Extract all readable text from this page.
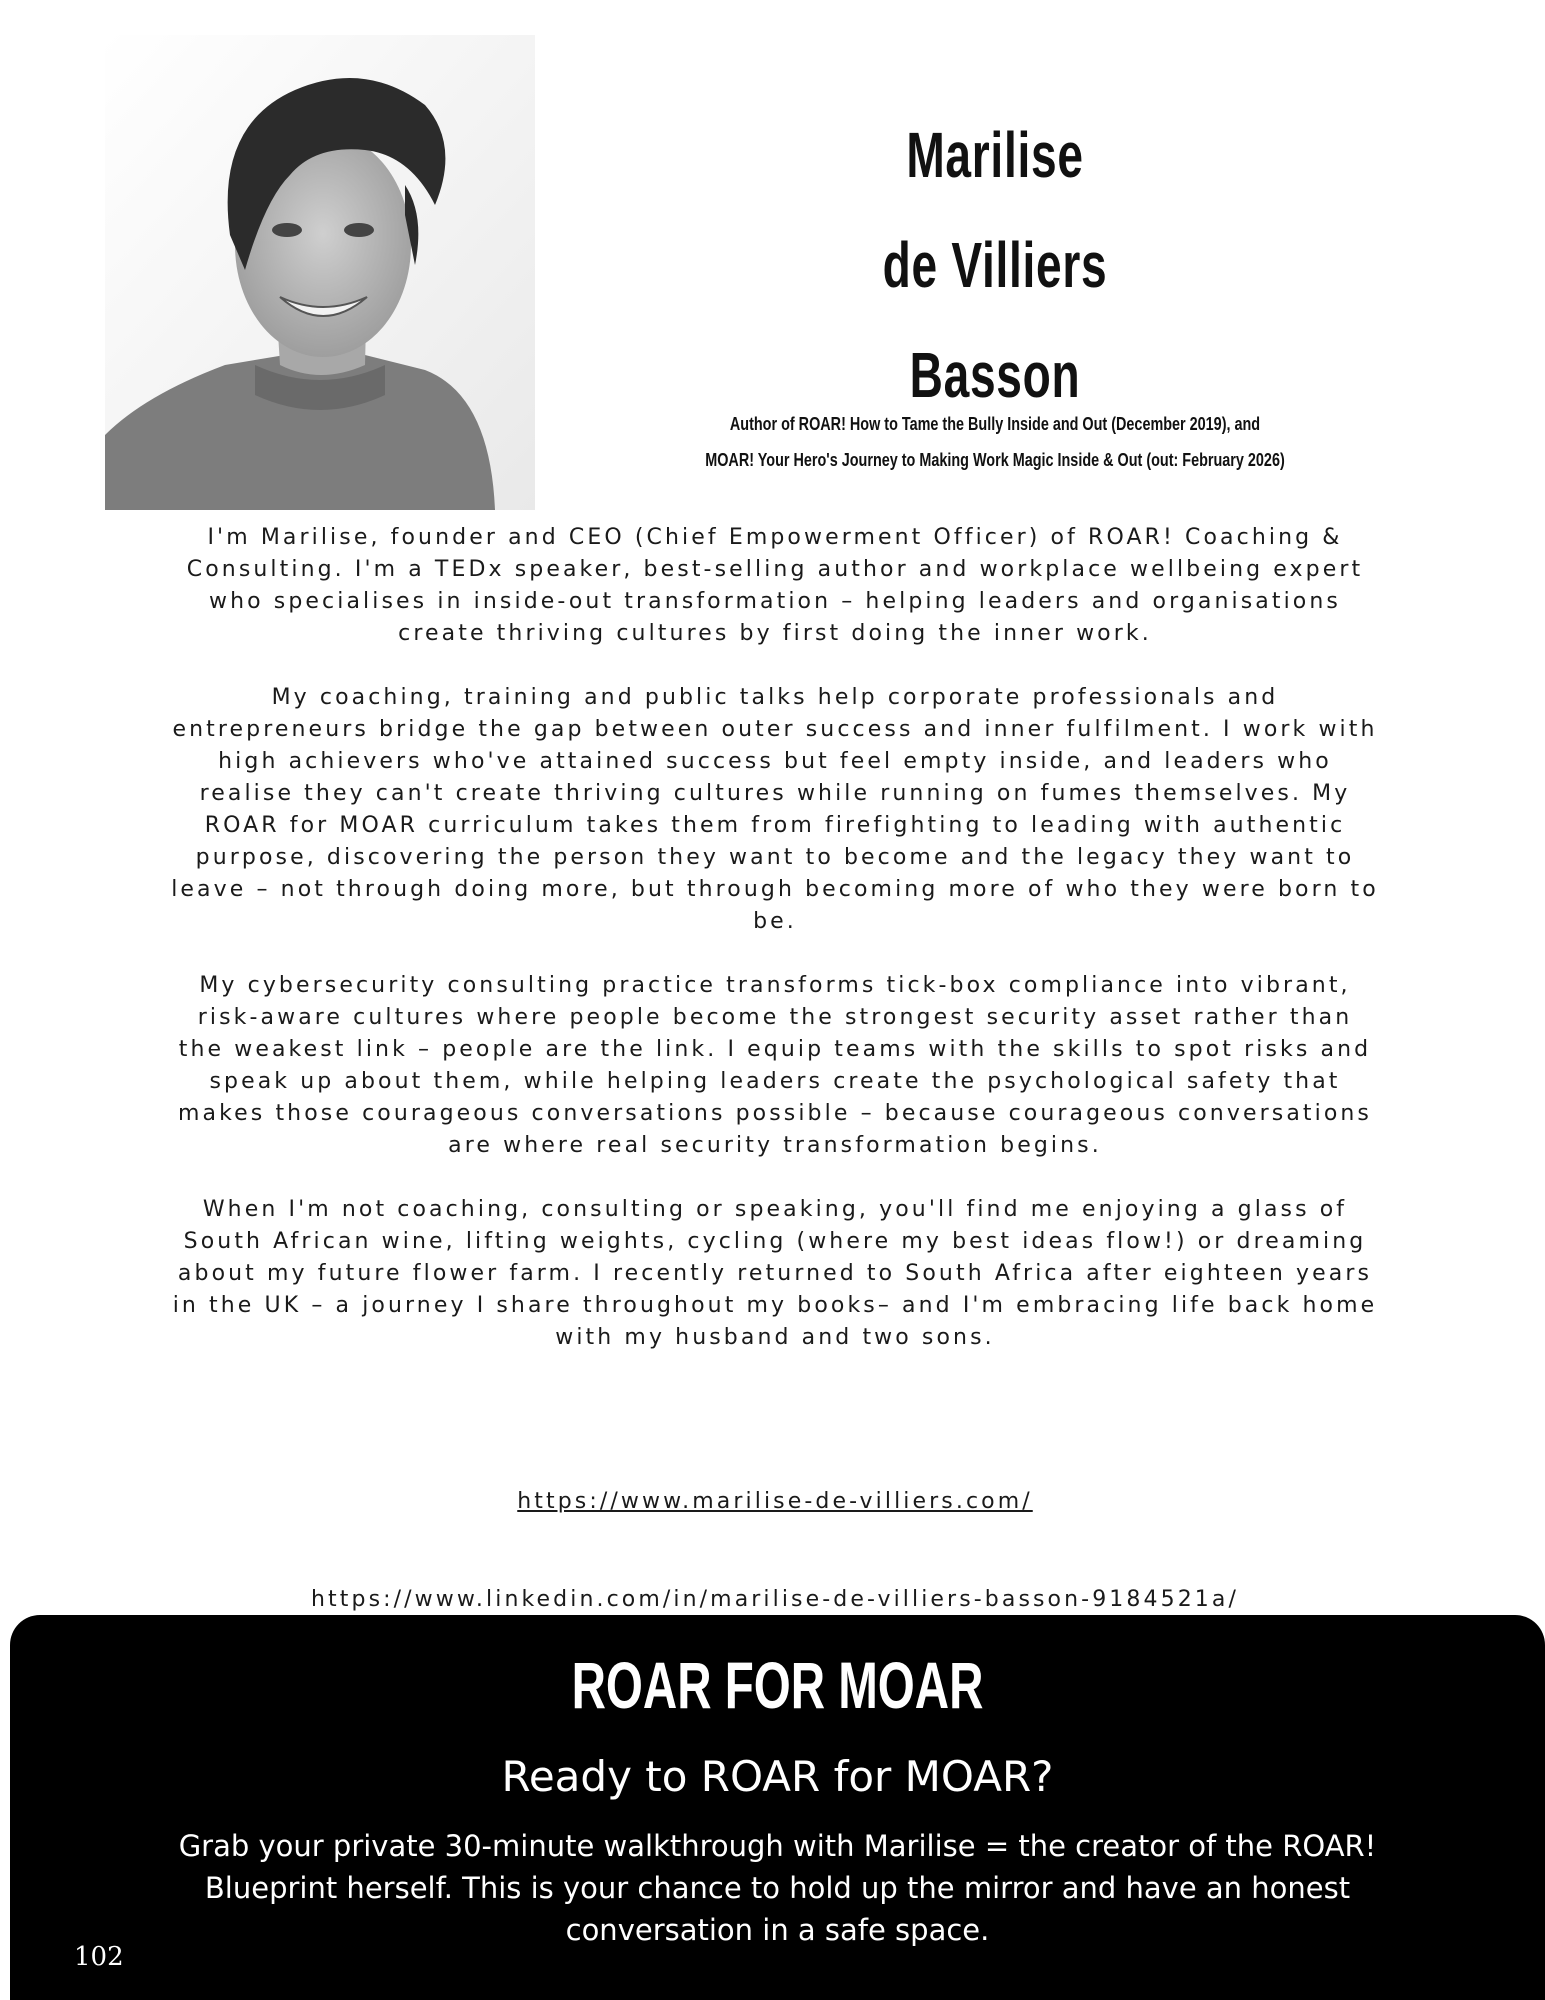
Marilise
de Villiers
Basson
Author of ROAR! How to Tame the Bully Inside and Out (December 2019), and
MOAR! Your Hero's Journey to Making Work Magic Inside & Out (out: February 2026)

I'm Marilise, founder and CEO (Chief Empowerment Officer) of ROAR! Coaching & Consulting. I'm a TEDx speaker, best-selling author and workplace wellbeing expert who specialises in inside-out transformation – helping leaders and organisations create thriving cultures by first doing the inner work.

My coaching, training and public talks help corporate professionals and entrepreneurs bridge the gap between outer success and inner fulfilment. I work with high achievers who've attained success but feel empty inside, and leaders who realise they can't create thriving cultures while running on fumes themselves. My ROAR for MOAR curriculum takes them from firefighting to leading with authentic purpose, discovering the person they want to become and the legacy they want to leave – not through doing more, but through becoming more of who they were born to be.

My cybersecurity consulting practice transforms tick-box compliance into vibrant, risk-aware cultures where people become the strongest security asset rather than the weakest link – people are the link. I equip teams with the skills to spot risks and speak up about them, while helping leaders create the psychological safety that makes those courageous conversations possible – because courageous conversations are where real security transformation begins.

When I'm not coaching, consulting or speaking, you'll find me enjoying a glass of South African wine, lifting weights, cycling (where my best ideas flow!) or dreaming about my future flower farm. I recently returned to South Africa after eighteen years in the UK – a journey I share throughout my books– and I'm embracing life back home with my husband and two sons.

https://www.marilise-de-villiers.com/
https://www.linkedin.com/in/marilise-de-villiers-basson-9184521a/
ROAR FOR MOAR
Ready to ROAR for MOAR?
Grab your private 30-minute walkthrough with Marilise = the creator of the ROAR! Blueprint herself. This is your chance to hold up the mirror and have an honest conversation in a safe space.
102
